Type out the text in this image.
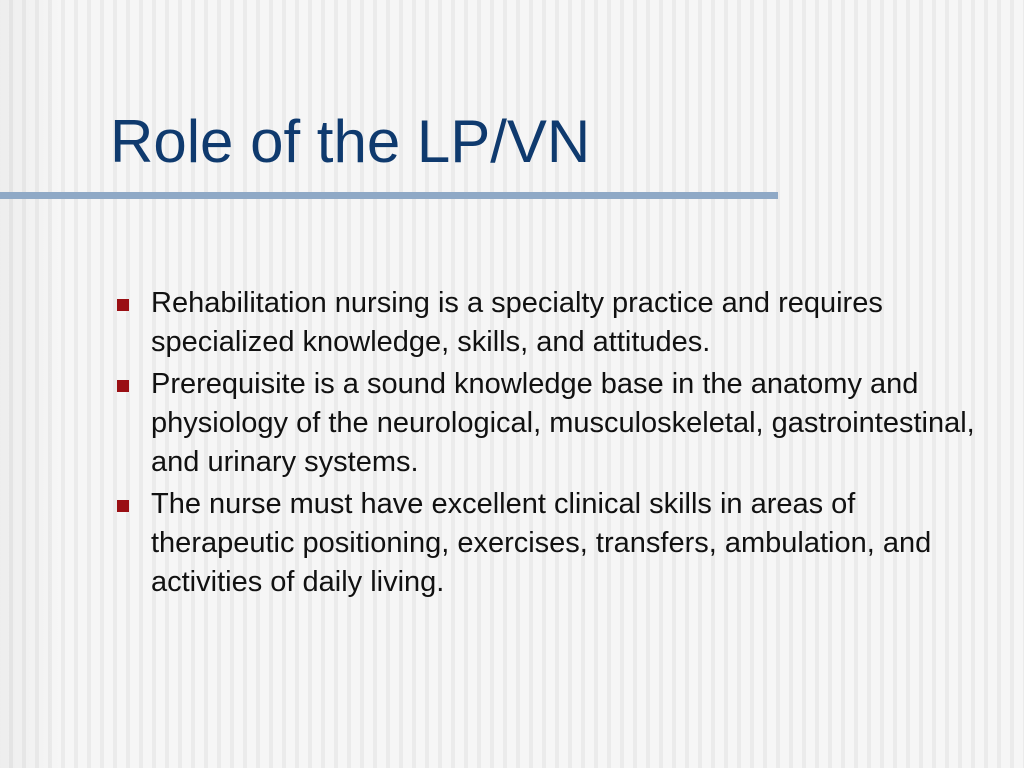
Role of the LP/VN
Rehabilitation nursing is a specialty practice and requires specialized knowledge, skills, and attitudes.
Prerequisite is a sound knowledge base in the anatomy and physiology of the neurological, musculoskeletal, gastrointestinal, and urinary systems.
The nurse must have excellent clinical skills in areas of therapeutic positioning, exercises, transfers, ambulation, and activities of daily living.
